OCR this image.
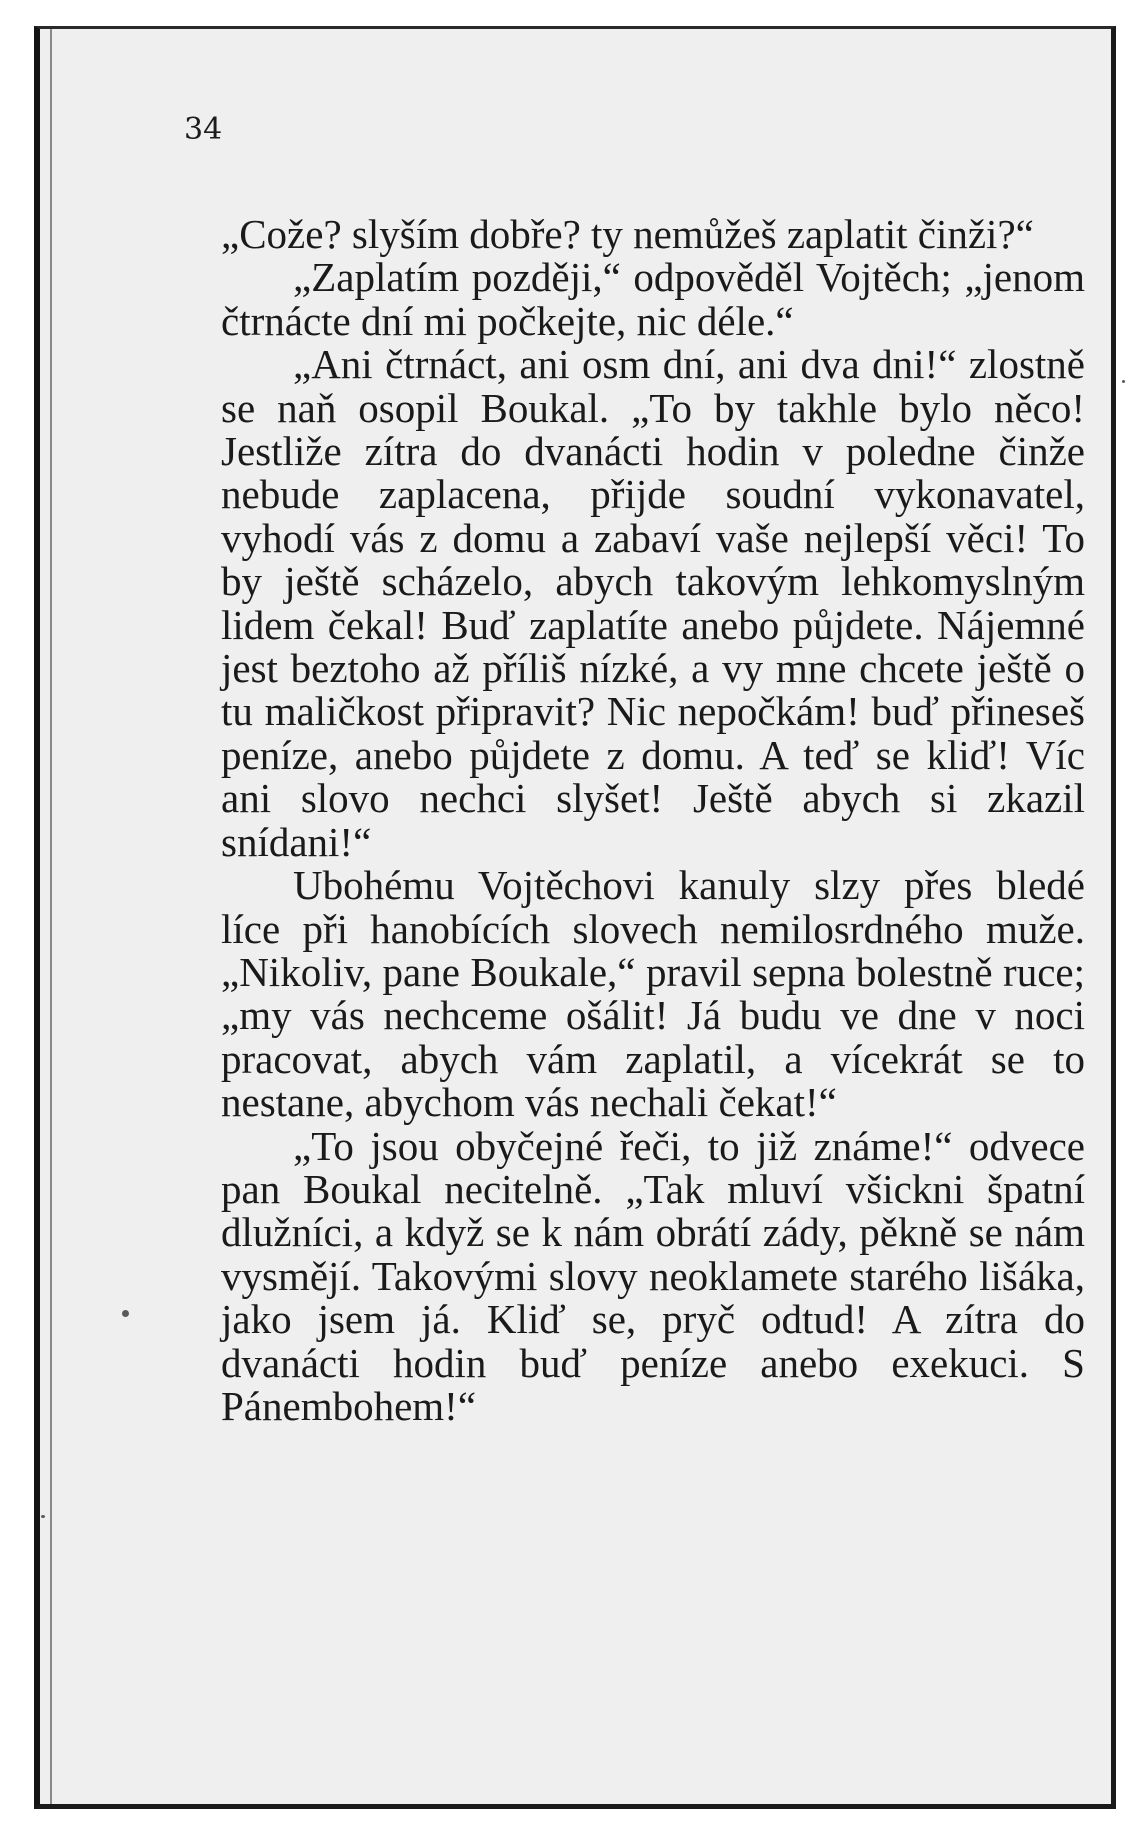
34

„Cože? slyším dobře? ty nemůžeš zaplatit činži?“

„Zaplatím později,“ odpověděl Vojtěch; „jenom čtrnácte dní mi počkejte, nic déle.“

„Ani čtrnáct, ani osm dní, ani dva dni!“ zlostně se naň osopil Boukal. „To by takhle bylo něco! Jestliže zítra do dvanácti hodin v poledne činže nebude zaplacena, přijde soudní vykonavatel, vyhodí vás z domu a zabaví vaše nejlepší věci! To by ještě scházelo, abych takovým lehkomyslným lidem čekal! Buď zaplatíte anebo půjdete. Nájemné jest beztoho až příliš nízké, a vy mne chcete ještě o tu maličkost připravit? Nic nepočkám! buď přineseš peníze, anebo půjdete z domu. A teď se kliď! Víc ani slovo nechci slyšet! Ještě abych si zkazil snídani!“

Ubohému Vojtěchovi kanuly slzy přes bledé líce při hanobících slovech nemilosrdného muže. „Nikoliv, pane Boukale,“ pravil sepna bolestně ruce; „my vás nechceme ošálit! Já budu ve dne v noci pracovat, abych vám zaplatil, a vícekrát se to nestane, abychom vás nechali čekat!“

„To jsou obyčejné řeči, to již známe!“ odvece pan Boukal necitelně. „Tak mluví všickni špatní dlužníci, a když se k nám obrátí zády, pěkně se nám vysmějí. Takovými slovy neoklamete starého lišáka, jako jsem já. Kliď se, pryč odtud! A zítra do dvanácti hodin buď peníze anebo exekuci. S Pánembohem!“
